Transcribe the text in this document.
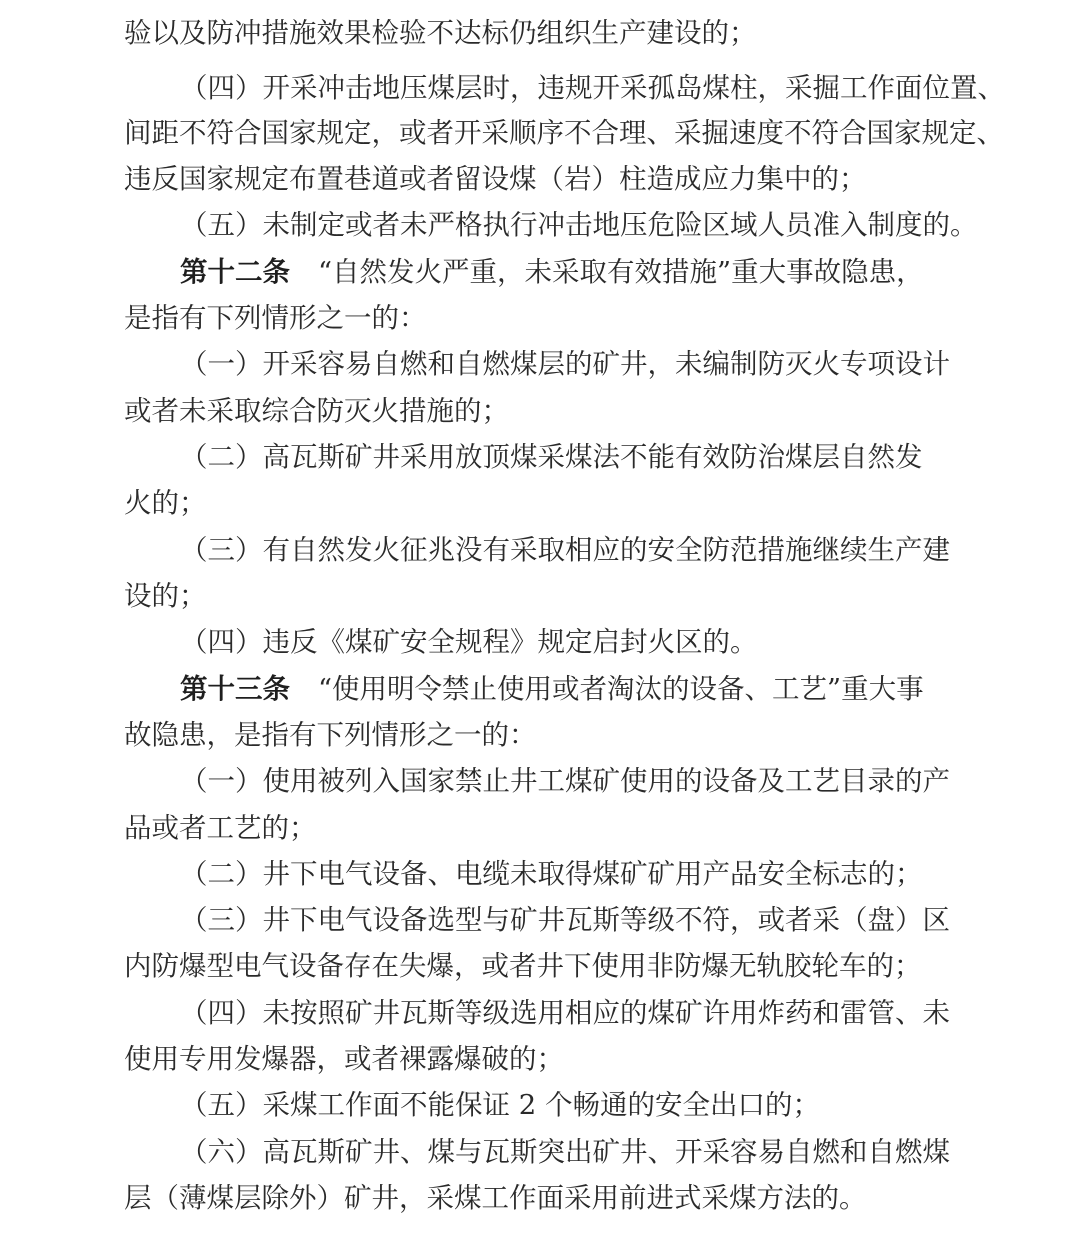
验以及防冲措施效果检验不达标仍组织生产建设的；
（四）开采冲击地压煤层时，违规开采孤岛煤柱，采掘工作面位置、
间距不符合国家规定，或者开采顺序不合理、采掘速度不符合国家规定、
违反国家规定布置巷道或者留设煤（岩）柱造成应力集中的；
（五）未制定或者未严格执行冲击地压危险区域人员准入制度的。
第十二条 “自然发火严重，未采取有效措施”重大事故隐患，
是指有下列情形之一的：
（一）开采容易自燃和自燃煤层的矿井，未编制防灭火专项设计
或者未采取综合防灭火措施的；
（二）高瓦斯矿井采用放顶煤采煤法不能有效防治煤层自然发
火的；
（三）有自然发火征兆没有采取相应的安全防范措施继续生产建
设的；
（四）违反《煤矿安全规程》规定启封火区的。
第十三条 “使用明令禁止使用或者淘汰的设备、工艺”重大事
故隐患，是指有下列情形之一的：
（一）使用被列入国家禁止井工煤矿使用的设备及工艺目录的产
品或者工艺的；
（二）井下电气设备、电缆未取得煤矿矿用产品安全标志的；
（三）井下电气设备选型与矿井瓦斯等级不符，或者采（盘）区
内防爆型电气设备存在失爆，或者井下使用非防爆无轨胶轮车的；
（四）未按照矿井瓦斯等级选用相应的煤矿许用炸药和雷管、未
使用专用发爆器，或者裸露爆破的；
（五）采煤工作面不能保证 2 个畅通的安全出口的；
（六）高瓦斯矿井、煤与瓦斯突出矿井、开采容易自燃和自燃煤
层（薄煤层除外）矿井，采煤工作面采用前进式采煤方法的。
